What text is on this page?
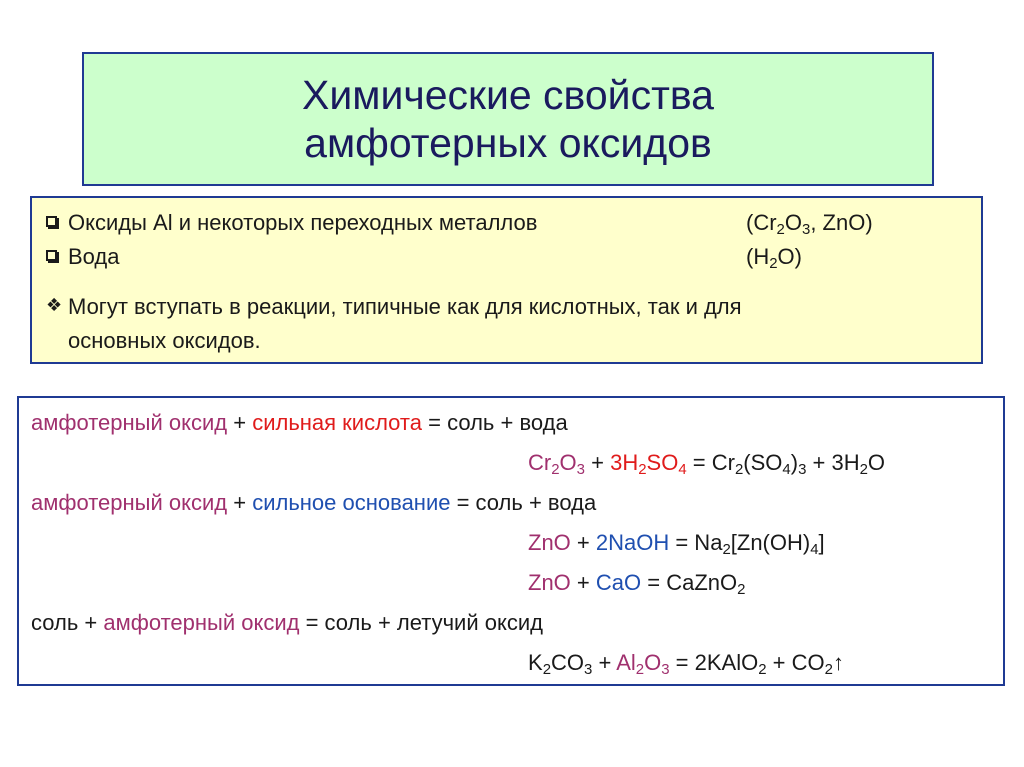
Химические свойства
амфотерных оксидов
Оксиды Al и некоторых переходных металлов	($Cr_2O_3$, ZnO)
Вода	$(H_2O)$
❖ Могут вступать в реакции, типичные как для кислотных, так и для
основных оксидов.
амфотерный оксид + сильная кислота = соль + вода
$Cr_2O_3 + 3H_2SO_4 = Cr_2(SO_4)_3 + 3H_2O$
амфотерный оксид + сильное основание = соль + вода
ZnO + 2NaOH = $Na_2[Zn(OH)_4]$
ZnO + CaO = CaZnO$_2$
соль + амфотерный оксид = соль + летучий оксид
$K_2CO_3 + Al_2O_3$ = 2KAlO$_2$ + $CO_2↑$
